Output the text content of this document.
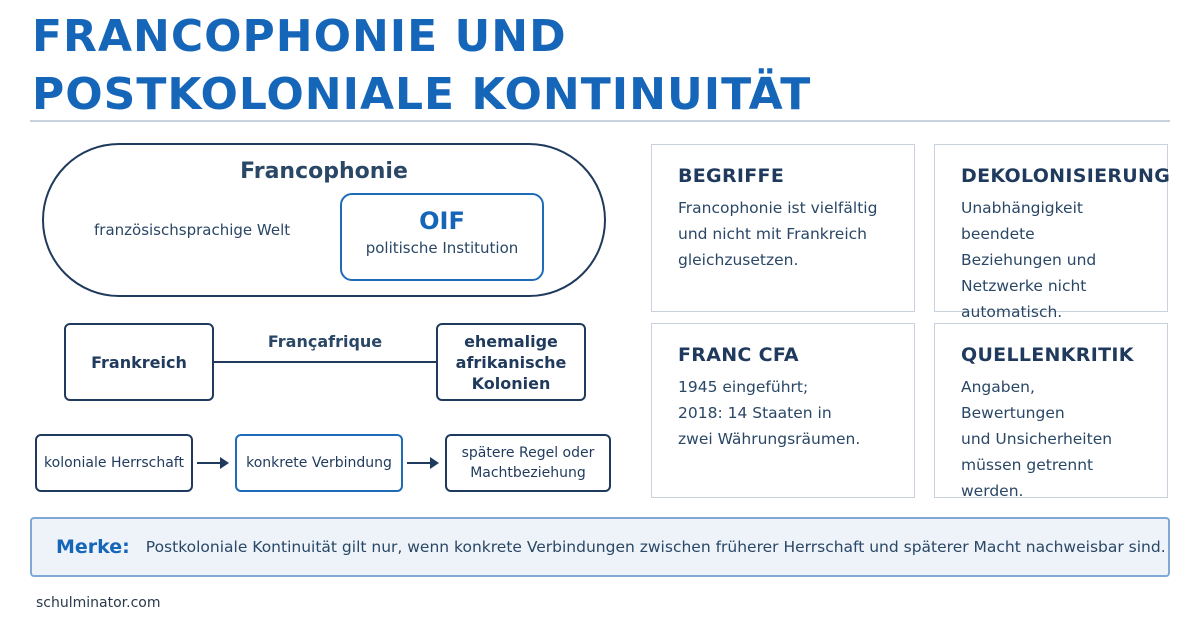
FRANCOPHONIE UND
POSTKOLONIALE KONTINUITÄT
Francophonie
französischsprachige Welt	OIF
politische Institution
Frankreich
Françafrique	ehemalige
afrikanische
Kolonien
koloniale Herrschaft	konkrete Verbindung
spätere Regel oder
Machtbeziehung
BEGRIFFE
Francophonie ist vielfältig
und nicht mit Frankreich
gleichzusetzen.
DEKOLONISIERUNG
Unabhängigkeit beendete
Beziehungen und
Netzwerke nicht
automatisch.
FRANC CFA
1945 eingeführt;
2018: 14 Staaten in
zwei Währungsräumen.
QUELLENKRITIK
Angaben, Bewertungen
und Unsicherheiten
müssen getrennt werden.
Merke: Postkoloniale Kontinuität gilt nur, wenn konkrete Verbindungen zwischen früherer Herrschaft und späterer Macht nachweisbar sind.
schulminator.com
